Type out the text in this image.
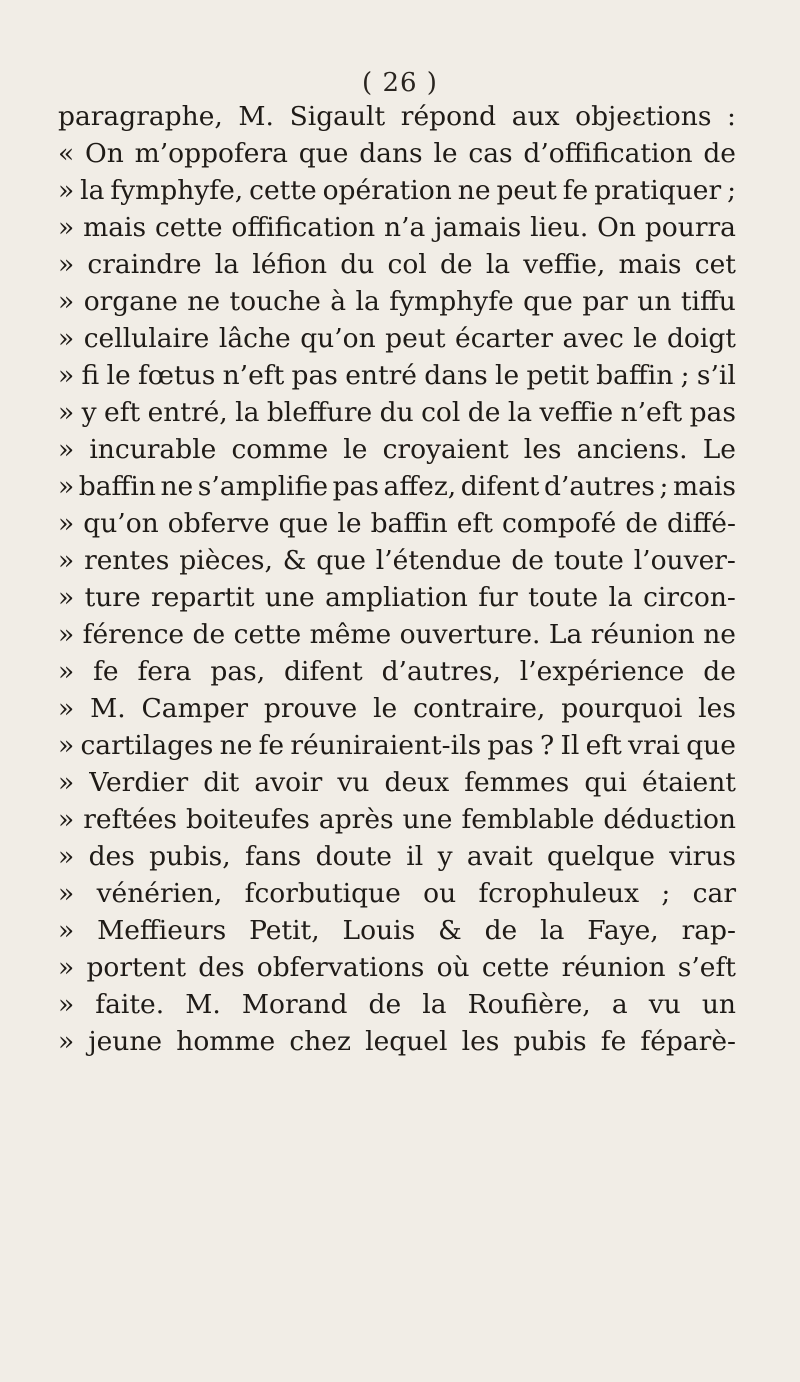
( 26 )
paragraphe, M. Sigault répond aux objeɛtions :
« On m’oppofera que dans le cas d’offification de
» la fymphyfe, cette opération ne peut fe pratiquer ;
» mais cette offification n’a jamais lieu. On pourra
» craindre la léfion du col de la veffie, mais cet
» organe ne touche à la fymphyfe que par un tiffu
» cellulaire lâche qu’on peut écarter avec le doigt
» fi le fœtus n’eft pas entré dans le petit baffin ; s’il
» y eft entré, la bleffure du col de la veffie n’eft pas
» incurable comme le croyaient les anciens. Le
» baffin ne s’amplifie pas affez, difent d’autres ; mais
» qu’on obferve que le baffin eft compofé de diffé-
» rentes pièces, & que l’étendue de toute l’ouver-
» ture repartit une ampliation fur toute la circon-
» férence de cette même ouverture. La réunion ne
» fe fera pas, difent d’autres, l’expérience de
» M. Camper prouve le contraire, pourquoi les
» cartilages ne fe réuniraient-ils pas ? Il eft vrai que
» Verdier dit avoir vu deux femmes qui étaient
» reftées boiteufes après une femblable déduɛtion
» des pubis, fans doute il y avait quelque virus
» vénérien, fcorbutique ou fcrophuleux ; car
» Meffieurs Petit, Louis & de la Faye, rap-
» portent des obfervations où cette réunion s’eft
» faite. M. Morand de la Roufière, a vu un
» jeune homme chez lequel les pubis fe féparè-
